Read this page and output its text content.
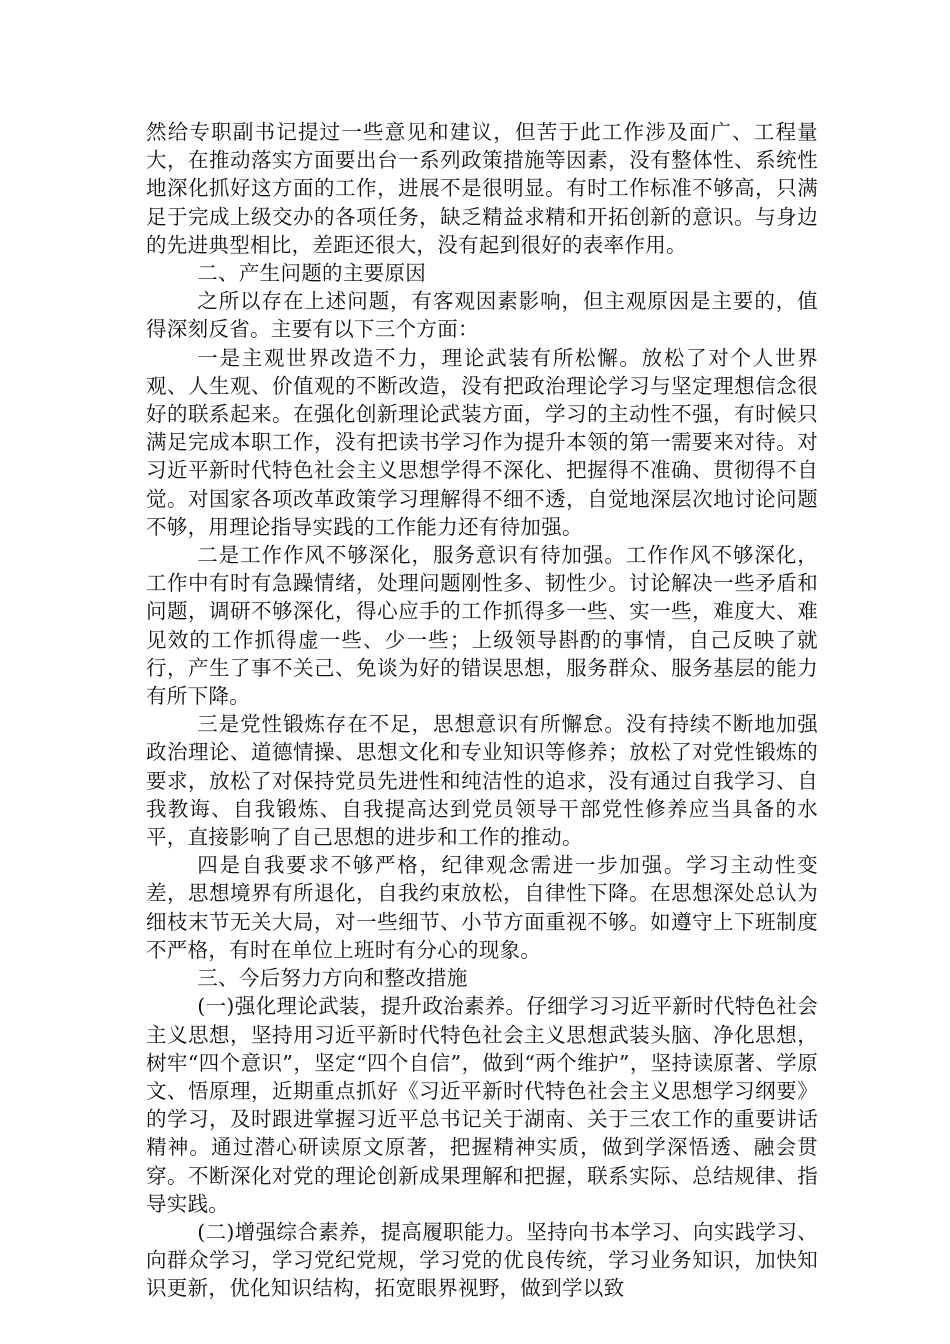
然给专职副书记提过一些意见和建议，但苦于此工作涉及面广、工程量大，在推动落实方面要出台一系列政策措施等因素，没有整体性、系统性地深化抓好这方面的工作，进展不是很明显。有时工作标准不够高，只满足于完成上级交办的各项任务，缺乏精益求精和开拓创新的意识。与身边的先进典型相比，差距还很大，没有起到很好的表率作用。

二、产生问题的主要原因

之所以存在上述问题，有客观因素影响，但主观原因是主要的，值得深刻反省。主要有以下三个方面：

一是主观世界改造不力，理论武装有所松懈。放松了对个人世界观、人生观、价值观的不断改造，没有把政治理论学习与坚定理想信念很好的联系起来。在强化创新理论武装方面，学习的主动性不强，有时候只满足完成本职工作，没有把读书学习作为提升本领的第一需要来对待。对习近平新时代特色社会主义思想学得不深化、把握得不准确、贯彻得不自觉。对国家各项改革政策学习理解得不细不透，自觉地深层次地讨论问题不够，用理论指导实践的工作能力还有待加强。

二是工作作风不够深化，服务意识有待加强。工作作风不够深化，工作中有时有急躁情绪，处理问题刚性多、韧性少。讨论解决一些矛盾和问题，调研不够深化，得心应手的工作抓得多一些、实一些，难度大、难见效的工作抓得虚一些、少一些；上级领导斟酌的事情，自己反映了就行，产生了事不关己、免谈为好的错误思想，服务群众、服务基层的能力有所下降。

三是党性锻炼存在不足，思想意识有所懈怠。没有持续不断地加强政治理论、道德情操、思想文化和专业知识等修养；放松了对党性锻炼的要求，放松了对保持党员先进性和纯洁性的追求，没有通过自我学习、自我教诲、自我锻炼、自我提高达到党员领导干部党性修养应当具备的水平，直接影响了自己思想的进步和工作的推动。

四是自我要求不够严格，纪律观念需进一步加强。学习主动性变差，思想境界有所退化，自我约束放松，自律性下降。在思想深处总认为细枝末节无关大局，对一些细节、小节方面重视不够。如遵守上下班制度不严格，有时在单位上班时有分心的现象。

三、今后努力方向和整改措施

(一)强化理论武装，提升政治素养。仔细学习习近平新时代特色社会主义思想，坚持用习近平新时代特色社会主义思想武装头脑、净化思想，树牢“四个意识”，坚定“四个自信”，做到“两个维护”，坚持读原著、学原文、悟原理，近期重点抓好《习近平新时代特色社会主义思想学习纲要》的学习，及时跟进掌握习近平总书记关于湖南、关于三农工作的重要讲话精神。通过潜心研读原文原著，把握精神实质，做到学深悟透、融会贯穿。不断深化对党的理论创新成果理解和把握，联系实际、总结规律、指导实践。

(二)增强综合素养，提高履职能力。坚持向书本学习、向实践学习、向群众学习，学习党纪党规，学习党的优良传统，学习业务知识，加快知识更新，优化知识结构，拓宽眼界视野，做到学以致
